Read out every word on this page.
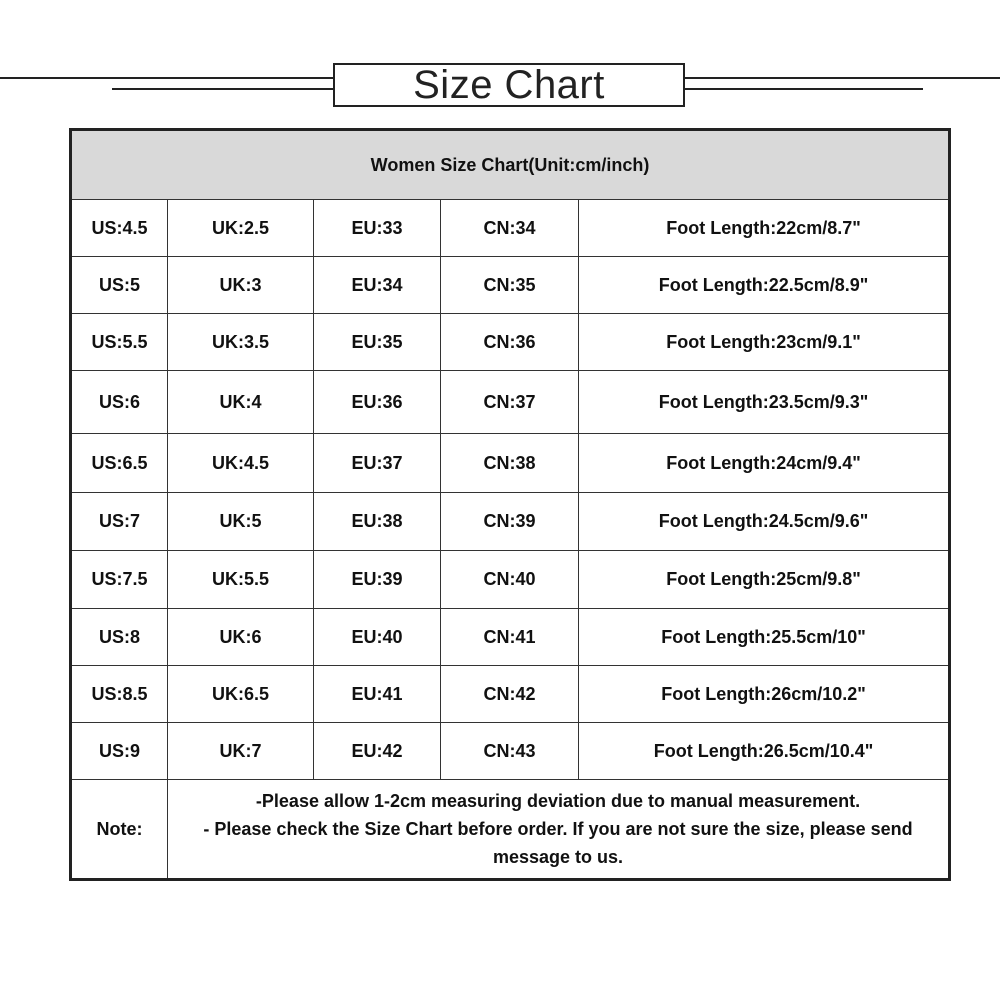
Size Chart
Women Size Chart(Unit:cm/inch)				
US:4.5	UK:2.5	EU:33	CN:34	Foot Length:22cm/8.7"
US:5	UK:3	EU:34	CN:35	Foot Length:22.5cm/8.9"
US:5.5	UK:3.5	EU:35	CN:36	Foot Length:23cm/9.1"
US:6	UK:4	EU:36	CN:37	Foot Length:23.5cm/9.3"
US:6.5	UK:4.5	EU:37	CN:38	Foot Length:24cm/9.4"
US:7	UK:5	EU:38	CN:39	Foot Length:24.5cm/9.6"
US:7.5	UK:5.5	EU:39	CN:40	Foot Length:25cm/9.8"
US:8	UK:6	EU:40	CN:41	Foot Length:25.5cm/10"
US:8.5	UK:6.5	EU:41	CN:42	Foot Length:26cm/10.2"
US:9	UK:7	EU:42	CN:43	Foot Length:26.5cm/10.4"
Note:	-Please allow 1-2cm measuring deviation due to manual measurement.
- Please check the Size Chart before order. If you are not sure the size, please send
message to us.			
